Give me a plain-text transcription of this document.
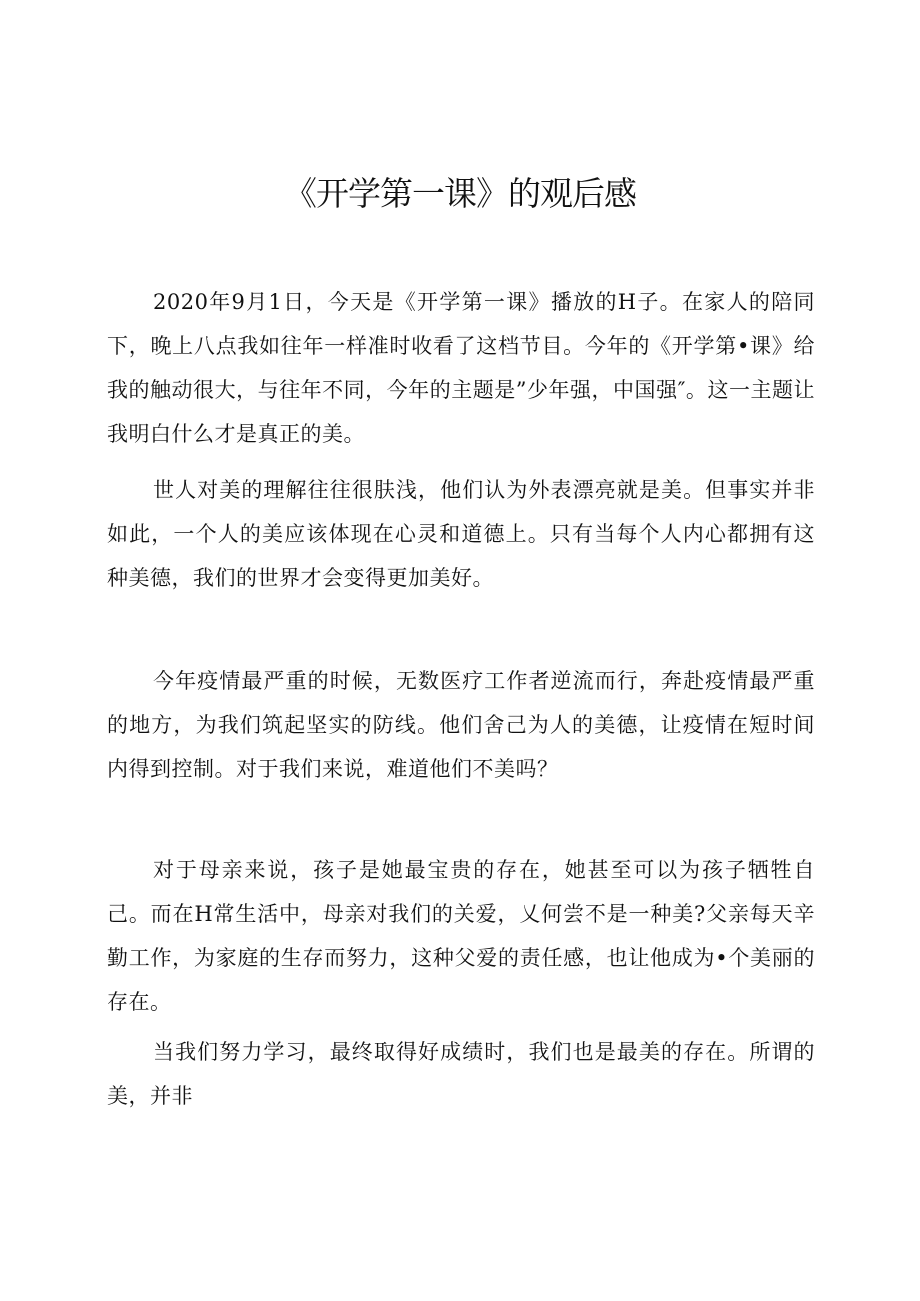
《开学第一课》的观后感

2020年9月1日，今天是《开学第一课》播放的H子。在家人的陪同下，晚上八点我如往年一样准时收看了这档节目。今年的《开学第•课》给我的触动很大，与往年不同，今年的主题是”少年强，中国强″。这一主题让我明白什么才是真正的美。

世人对美的理解往往很肤浅，他们认为外表漂亮就是美。但事实并非如此，一个人的美应该体现在心灵和道德上。只有当每个人内心都拥有这种美德，我们的世界才会变得更加美好。

今年疫情最严重的时候，无数医疗工作者逆流而行，奔赴疫情最严重的地方，为我们筑起坚实的防线。他们舍己为人的美德，让疫情在短时间内得到控制。对于我们来说，难道他们不美吗？

对于母亲来说，孩子是她最宝贵的存在，她甚至可以为孩子牺牲自己。而在H常生活中，母亲对我们的关爱，乂何尝不是一种美?父亲每天辛勤工作，为家庭的生存而努力，这种父爱的责任感，也让他成为•个美丽的存在。

当我们努力学习，最终取得好成绩时，我们也是最美的存在。所谓的美，并非
